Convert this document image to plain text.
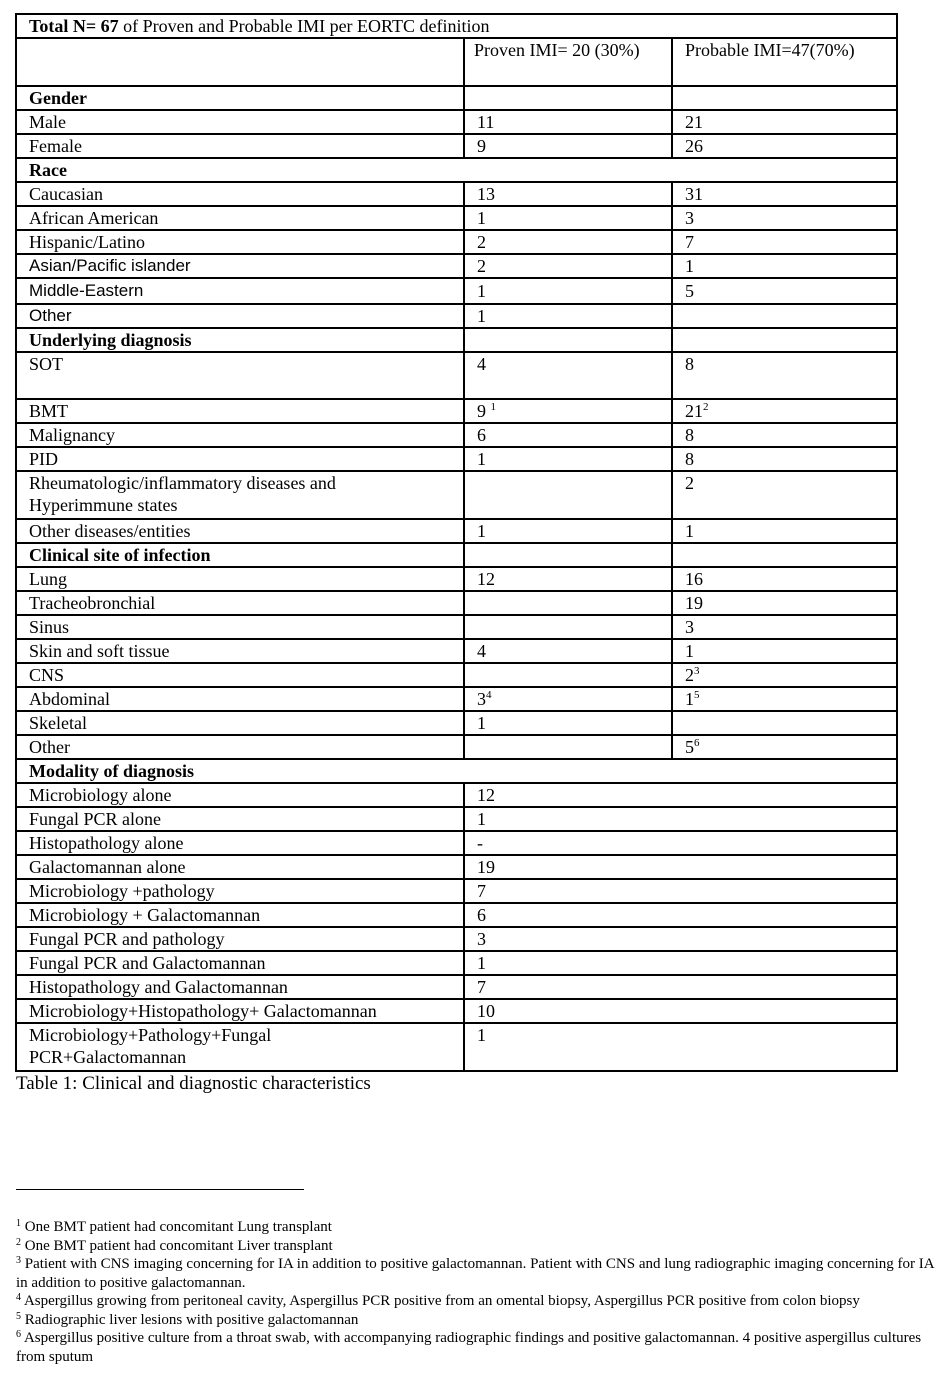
Total N= 67 of Proven and Probable IMI per EORTC definition		
	Proven IMI= 20 (30%)	Probable IMI=47(70%)
Gender		
Male	11	21
Female	9	26
Race		
Caucasian	13	31
African American	1	3
Hispanic/Latino	2	7
Asian/Pacific islander	2	1
Middle-Eastern	1	5
Other	1	
Underlying diagnosis		
SOT	4	8
BMT	9 $^1$	$21^2$
Malignancy	6	8
PID	1	8
Rheumatologic/inflammatory diseases and Hyperimmune states		2
Other diseases/entities	1	1
Clinical site of infection		
Lung	12	16
Tracheobronchial		19
Sinus		3
Skin and soft tissue	4	1
CNS		$2^3$
Abdominal	$3^4$	$1^5$
Skeletal	1	
Other		$5^6$
Modality of diagnosis		
Microbiology alone	12	
Fungal PCR alone	1	
Histopathology alone	-	
Galactomannan alone	19	
Microbiology +pathology	7	
Microbiology + Galactomannan	6	
Fungal PCR and pathology	3	
Fungal PCR and Galactomannan	1	
Histopathology and Galactomannan	7	
Microbiology+Histopathology+ Galactomannan	10	
Microbiology+Pathology+Fungal PCR+Galactomannan	1	
Table 1: Clinical and diagnostic characteristics
$^1$ One BMT patient had concomitant Lung transplant
$^2$ One BMT patient had concomitant Liver transplant
$^3$ Patient with CNS imaging concerning for IA in addition to positive galactomannan. Patient with CNS and lung radiographic imaging concerning for IA in addition to positive galactomannan.
$^4$ Aspergillus growing from peritoneal cavity, Aspergillus PCR positive from an omental biopsy, Aspergillus PCR positive from colon biopsy
$^5$ Radiographic liver lesions with positive galactomannan
$^6$ Aspergillus positive culture from a throat swab, with accompanying radiographic findings and positive galactomannan. 4 positive aspergillus cultures from sputum
